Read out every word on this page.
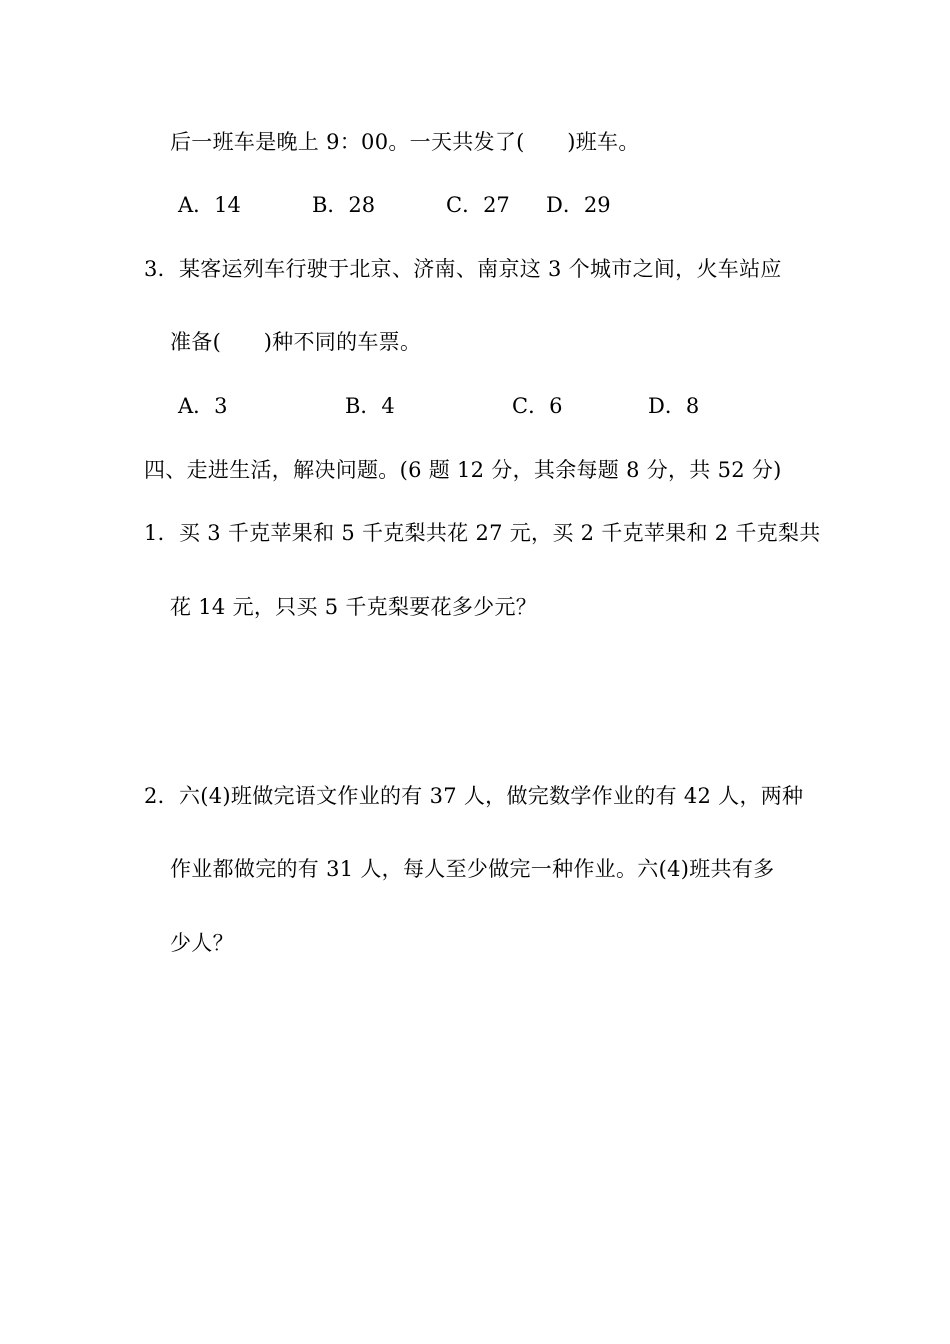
后一班车是晚上 9：00。一天共发了(　　)班车。
A．14	B．28	C．27 D．29
3．某客运列车行驶于北京、济南、南京这 3 个城市之间，火车站应
准备(　　)种不同的车票。
A．3	B．4	C．6	D．8
四、走进生活，解决问题。(6 题 12 分，其余每题 8 分，共 52 分)
1．买 3 千克苹果和 5 千克梨共花 27 元，买 2 千克苹果和 2 千克梨共
花 14 元，只买 5 千克梨要花多少元？
2．六(4)班做完语文作业的有 37 人，做完数学作业的有 42 人，两种
作业都做完的有 31 人，每人至少做完一种作业。六(4)班共有多
少人？
